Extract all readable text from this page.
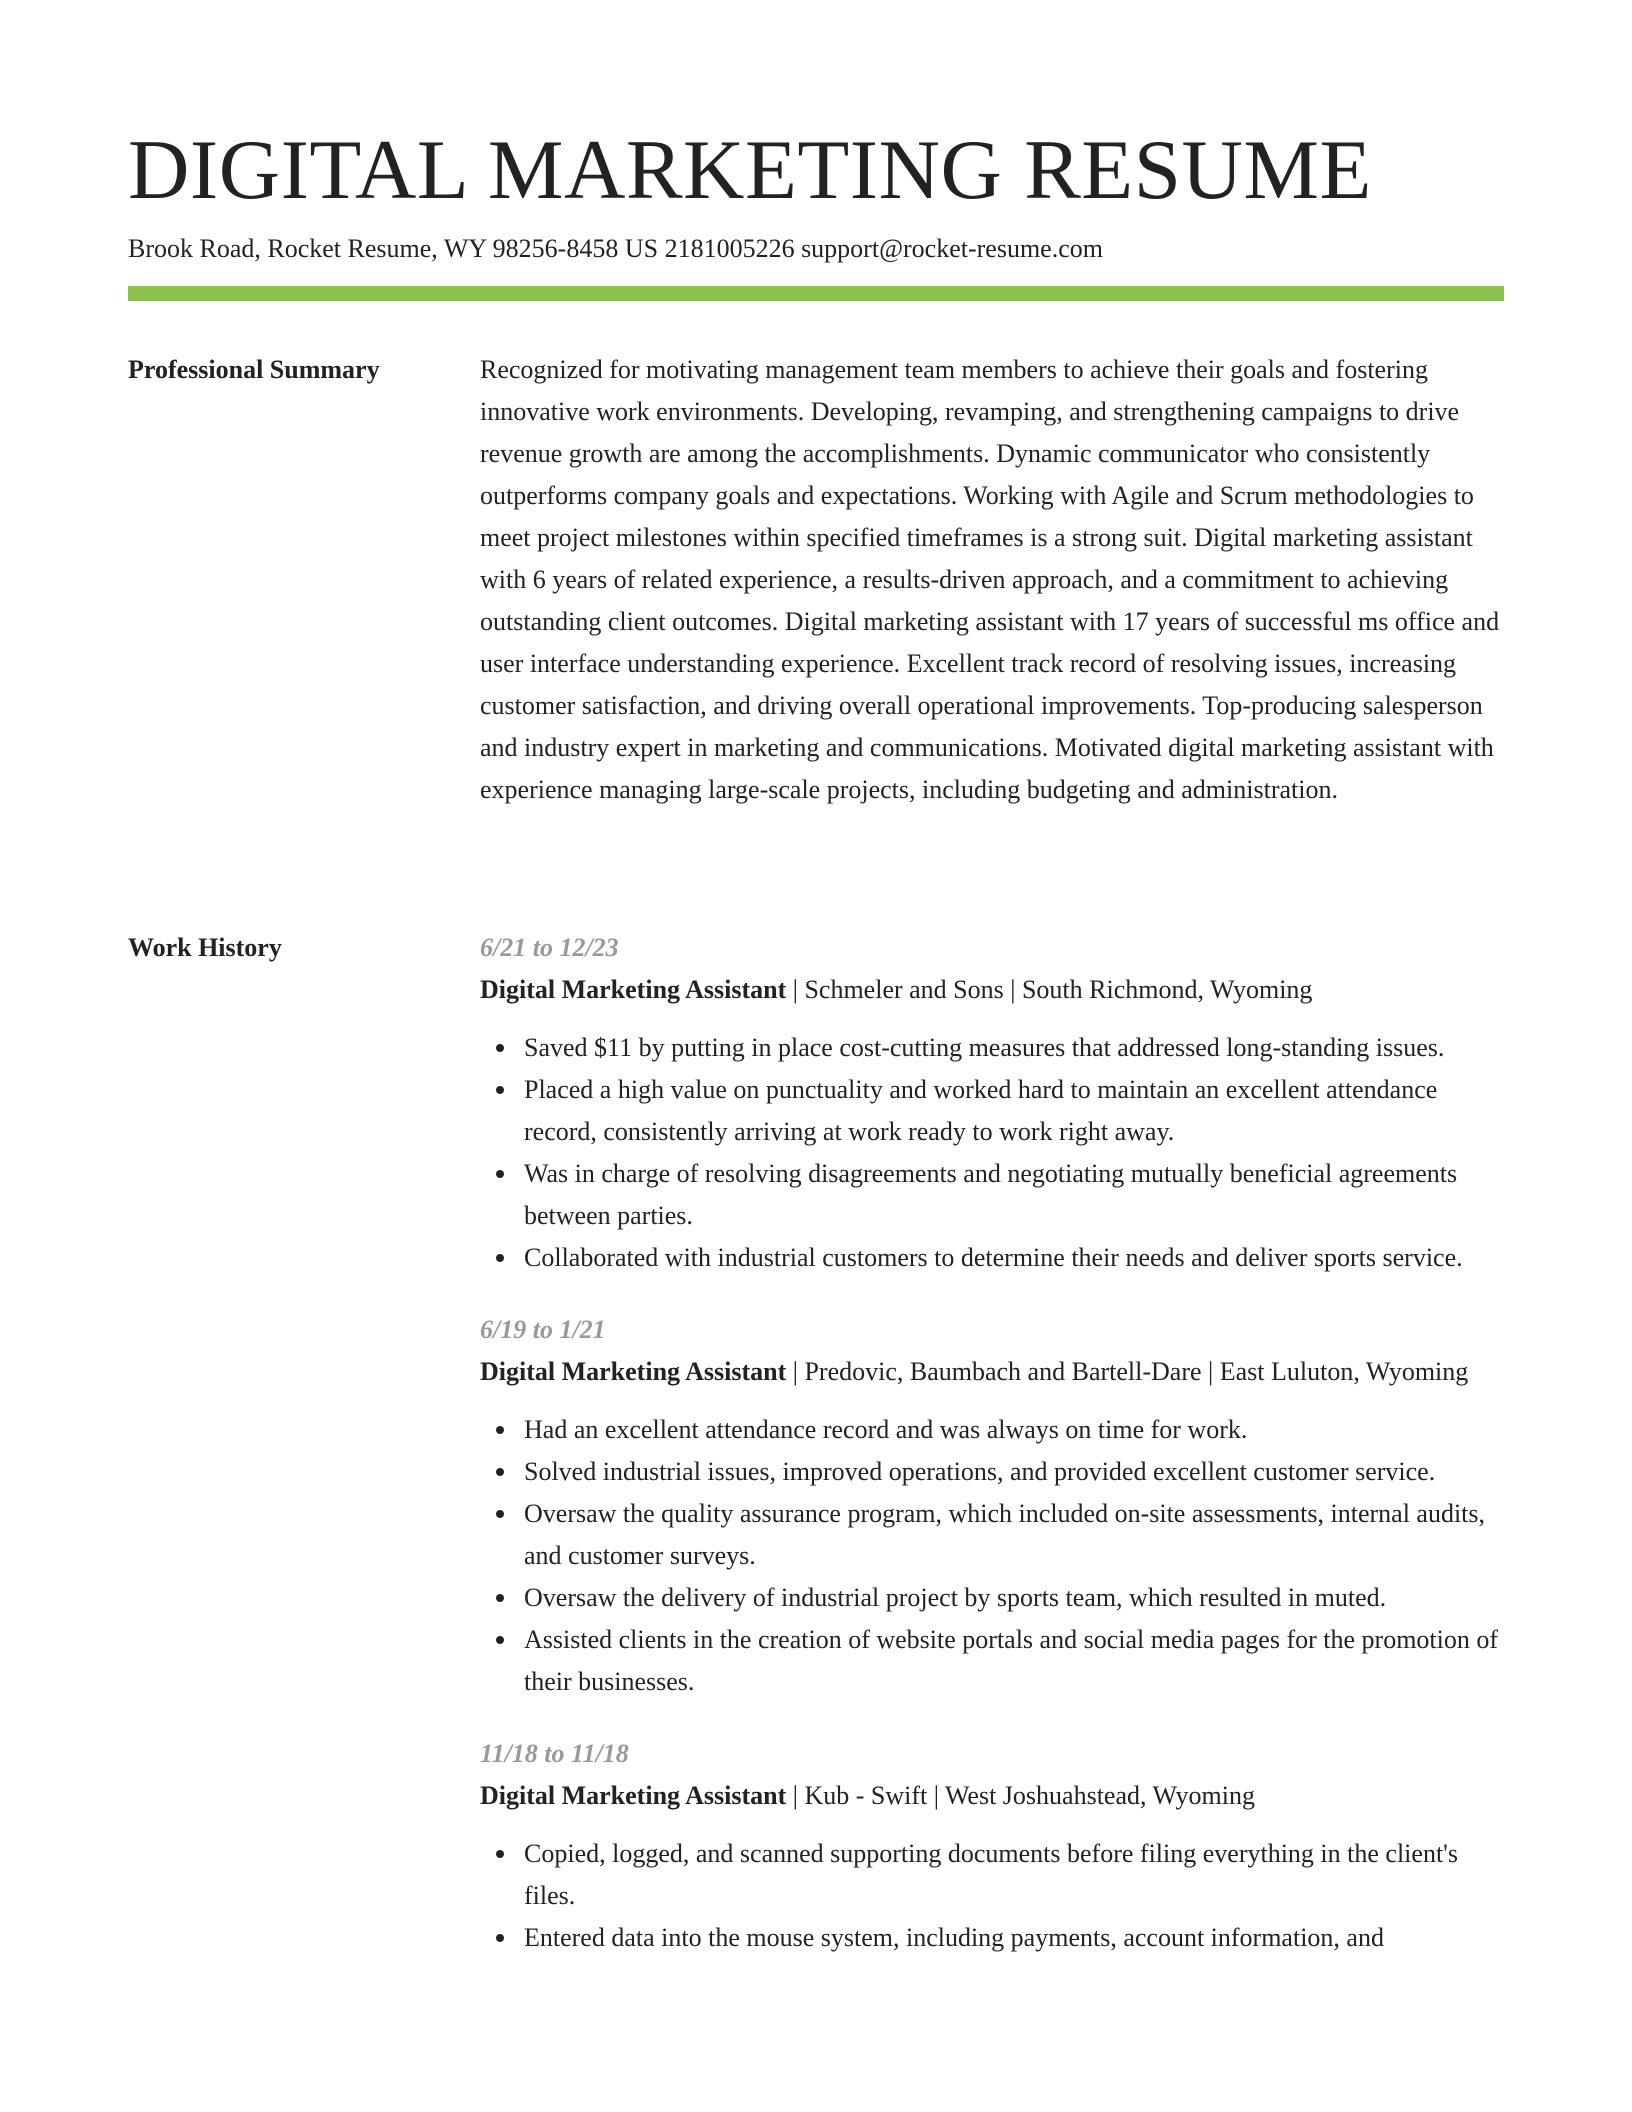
DIGITAL MARKETING RESUME
Brook Road, Rocket Resume, WY 98256-8458 US 2181005226 support@rocket-resume.com
Professional Summary	Recognized for motivating management team members to achieve their goals and fostering innovative work environments. Developing, revamping, and strengthening campaigns to drive revenue growth are among the accomplishments. Dynamic communicator who consistently outperforms company goals and expectations. Working with Agile and Scrum methodologies to meet project milestones within specified timeframes is a strong suit. Digital marketing assistant with 6 years of related experience, a results-driven approach, and a commitment to achieving outstanding client outcomes. Digital marketing assistant with 17 years of successful ms office and user interface understanding experience. Excellent track record of resolving issues, increasing customer satisfaction, and driving overall operational improvements. Top-producing salesperson and industry expert in marketing and communications. Motivated digital marketing assistant with experience managing large-scale projects, including budgeting and administration.

Work History	6/21 to 12/23
Digital Marketing Assistant | Schmeler and Sons | South Richmond, Wyoming
Saved $11 by putting in place cost-cutting measures that addressed long-standing issues.
Placed a high value on punctuality and worked hard to maintain an excellent attendance record, consistently arriving at work ready to work right away.
Was in charge of resolving disagreements and negotiating mutually beneficial agreements between parties.
Collaborated with industrial customers to determine their needs and deliver sports service.
6/19 to 1/21
Digital Marketing Assistant | Predovic, Baumbach and Bartell-Dare | East Luluton, Wyoming
Had an excellent attendance record and was always on time for work.
Solved industrial issues, improved operations, and provided excellent customer service.
Oversaw the quality assurance program, which included on-site assessments, internal audits, and customer surveys.
Oversaw the delivery of industrial project by sports team, which resulted in muted.
Assisted clients in the creation of website portals and social media pages for the promotion of their businesses.
11/18 to 11/18
Digital Marketing Assistant | Kub - Swift | West Joshuahstead, Wyoming
Copied, logged, and scanned supporting documents before filing everything in the client's files.
Entered data into the mouse system, including payments, account information, and
